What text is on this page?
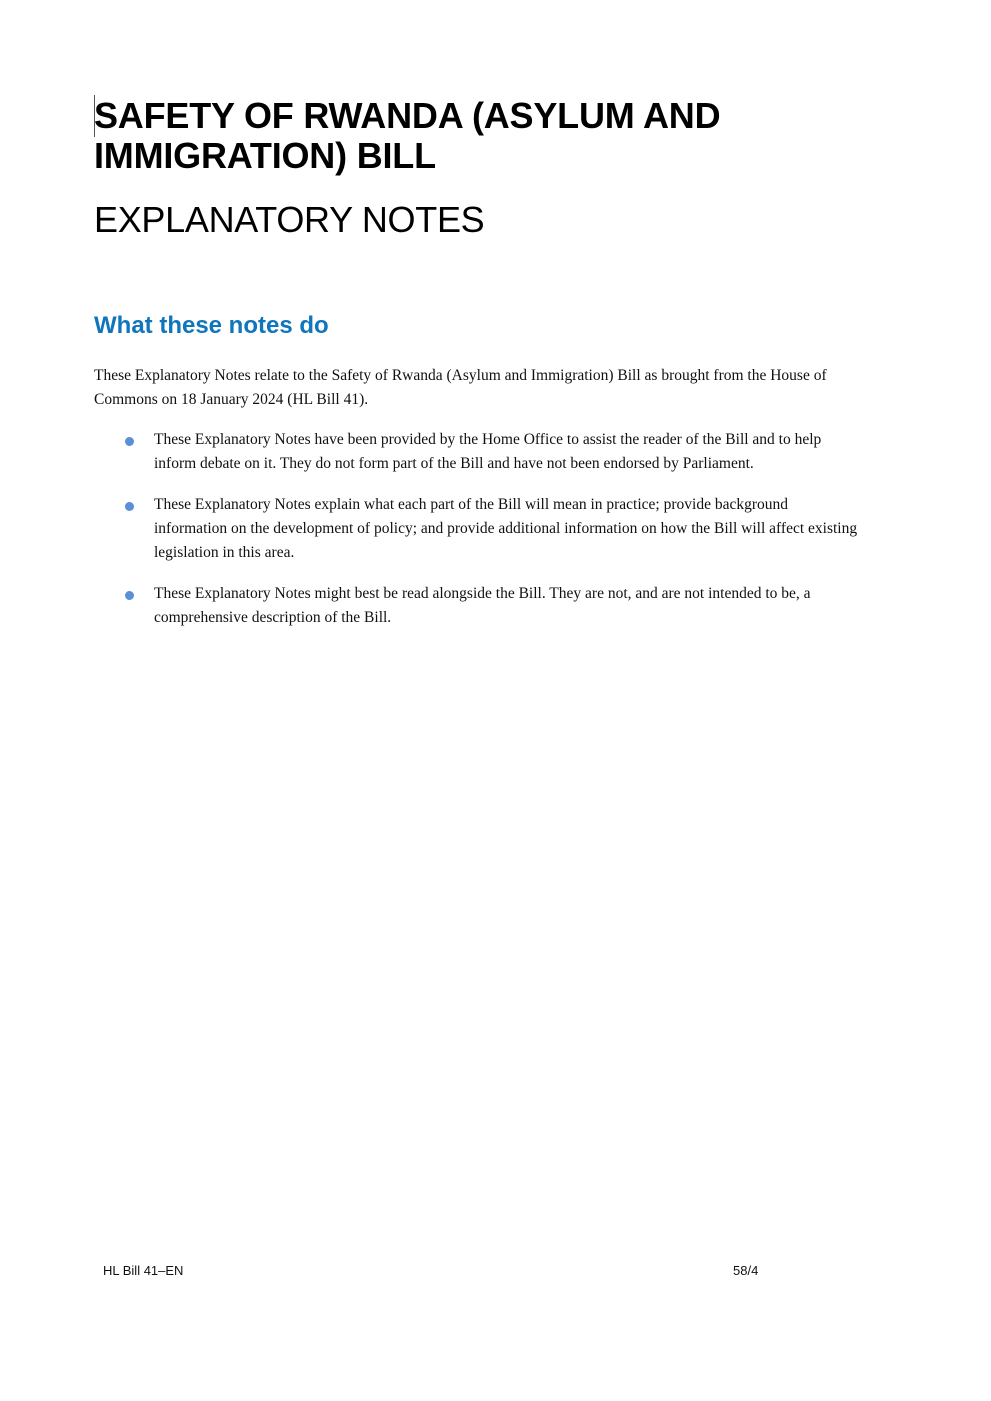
SAFETY OF RWANDA (ASYLUM AND IMMIGRATION) BILL
EXPLANATORY NOTES
What these notes do

These Explanatory Notes relate to the Safety of Rwanda (Asylum and Immigration) Bill as brought from the House of Commons on 18 January 2024 (HL Bill 41).

These Explanatory Notes have been provided by the Home Office to assist the reader of the Bill and to help inform debate on it. They do not form part of the Bill and have not been endorsed by Parliament.
These Explanatory Notes explain what each part of the Bill will mean in practice; provide background information on the development of policy; and provide additional information on how the Bill will affect existing legislation in this area.
These Explanatory Notes might best be read alongside the Bill. They are not, and are not intended to be, a comprehensive description of the Bill.
HL Bill 41–EN	58/4
